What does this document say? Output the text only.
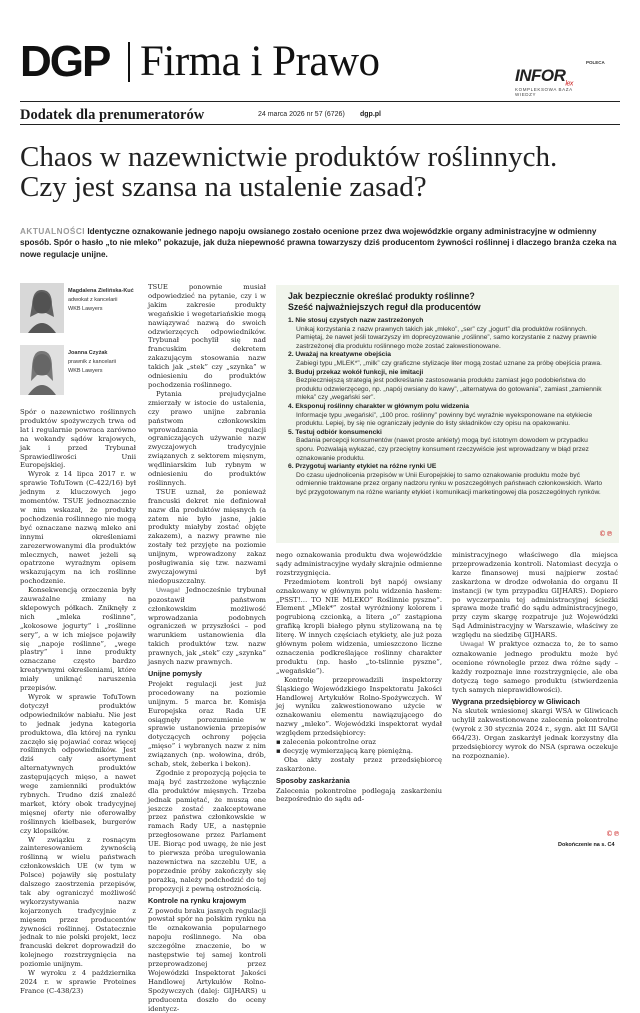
DGP Firma i Prawo	POLECA
$INFOR_{lex}$
KOMPLEKSOWA BAZA WIEDZY
Dodatek dla prenumeratorów	24 marca 2026 nr 57 (6726) dgp.pl
Chaos w nazewnictwie produktów roślinnych.
Czy jest szansa na ustalenie zasad?
AKTUALNOŚCI Identyczne oznakowanie jednego napoju owsianego zostało ocenione przez dwa wojewódzkie organy administracyjne w odmienny sposób. Spór o hasło „to nie mleko” pokazuje, jak duża niepewność prawna towarzyszy dziś producentom żywności roślinnej i dlaczego branża czeka na nowe regulacje unijne.
Magdalena Zielińska-Kuć
adwokat z kancelarii
WKB Lawyers
Joanna Czyżak
prawnik z kancelarii
WKB Lawyers

Spór o nazewnictwo roślinnych produktów spożywczych trwa od lat i regularnie powraca zarówno na wokandy sądów krajowych, jak i przed Trybunał Sprawiedliwości Unii Europejskiej.

Wyrok z 14 lipca 2017 r. w sprawie TofuTown (C-422/16) był jednym z kluczowych jego momentów. TSUE jednoznacznie w nim wskazał, że produkty pochodzenia roślinnego nie mogą być oznaczane nazwą mleko ani innymi określeniami zarezerwowanymi dla produktów mlecznych, nawet jeżeli są opatrzone wyraźnym opisem wskazującym na ich roślinne pochodzenie.

Konsekwencją orzeczenia były zauważalne zmiany na sklepowych półkach. Zniknęły z nich „mleka roślinne”, „kokosowe jogurty” i „roślinne sery”, a w ich miejsce pojawiły się „napoje roślinne”, „wege plastry” i inne produkty oznaczane często bardzo kreatywnymi określeniami, które miały uniknąć naruszenia przepisów.

Wyrok w sprawie TofuTown dotyczył produktów odpowiedników nabiału. Nie jest to jednak jedyna kategoria produktowa, dla której na rynku zaczęło się pojawiać coraz więcej roślinnych odpowiedników. Jest dziś cały asortyment alternatywnych produktów zastępujących mięso, a nawet wege zamienniki produktów rybnych. Trudno dziś znaleźć market, który obok tradycyjnej mięsnej oferty nie oferowałby roślinnych kiełbasek, burgerów czy klopsików.

W związku z rosnącym zainteresowaniem żywnością roślinną w wielu państwach członkowskich UE (w tym w Polsce) pojawiły się postulaty dalszego zaostrzenia przepisów, tak aby ograniczyć możliwość wykorzystywania nazw kojarzonych tradycyjnie z mięsem przez producentów żywności roślinnej. Ostatecznie jednak to nie polski projekt, lecz francuski dekret doprowadził do kolejnego rozstrzygnięcia na poziomie unijnym.

W wyroku z 4 października 2024 r. w sprawie Proteines France (C-438/23)

TSUE ponownie musiał odpowiedzieć na pytanie, czy i w jakim zakresie produkty wegańskie i wegetariańskie mogą nawiązywać nazwą do swoich odzwierzęcych odpowiedników. Trybunał pochylił się nad francuskim dekretem zakazującym stosowania nazw takich jak „stek” czy „szynka” w odniesieniu do produktów pochodzenia roślinnego.

Pytania prejudycjalne zmierzały w istocie do ustalenia, czy prawo unijne zabrania państwom członkowskim wprowadzania regulacji ograniczających używanie nazw zwyczajowych tradycyjnie związanych z sektorem mięsnym, wędliniarskim lub rybnym w odniesieniu do produktów roślinnych.

TSUE uznał, że ponieważ francuski dekret nie definiował nazw dla produktów mięsnych (a zatem nie było jasne, jakie produkty miałyby zostać objęte zakazem), a nazwy prawne nie zostały też przyjęte na poziomie unijnym, wprowadzony zakaz posługiwania się tzw. nazwami zwyczajowymi był niedopuszczalny.

Uwaga! Jednocześnie trybunał pozostawił państwom członkowskim możliwość wprowadzania podobnych ograniczeń w przyszłości – pod warunkiem ustanowienia dla takich produktów tzw. nazw prawnych, jak „stek” czy „szynka” jasnych nazw prawnych.

Unijne pomysły

Projekt regulacji jest już procedowany na poziomie unijnym. 5 marca br. Komisja Europejska oraz Rada UE osiągnęły porozumienie w sprawie ustanowienia przepisów dotyczących ochrony pojęcia „mięso” i wybranych nazw z nim związanych (np. wołowina, drób, schab, stek, żeberka i bekon).

Zgodnie z propozycją pojęcia te mają być zastrzeżone wyłącznie dla produktów mięsnych. Trzeba jednak pamiętać, że muszą one jeszcze zostać zaakceptowane przez państwa członkowskie w ramach Rady UE, a następnie przegłosowane przez Parlament UE. Biorąc pod uwagę, że nie jest to pierwsza próba uregulowania nazewnictwa na szczeblu UE, a poprzednie próby zakończyły się porażką, należy podchodzić do tej propozycji z pewną ostrożnością.

Kontrole na rynku krajowym

Z powodu braku jasnych regulacji powstał spór na polskim rynku na tle oznakowania popularnego napoju roślinnego. Na oba szczególne znaczenie, bo w następstwie tej samej kontroli przeprowadzonej przez Wojewódzki Inspektorat Jakości Handlowej Artykułów Rolno-Spożywczych (dalej: GIJHARS) u producenta doszło do oceny identycz-

Jak bezpiecznie określać produkty roślinne?
Sześć najważniejszych reguł dla producentów
1. Nie stosuj czystych nazw zastrzeżonych
Unikaj korzystania z nazw prawnych takich jak „mleko”, „ser” czy „jogurt” dla produktów roślinnych. Pamiętaj, że nawet jeśli towarzyszy im doprecyzowanie „roślinne”, samo korzystanie z nazwy prawnie zastrzeżonej dla produktu roślinnego może zostać zakwestionowane.
2. Uważaj na kreatywne obejścia
Zabiegi typu „MLEK*”, „milk” czy graficzne stylizacje liter mogą zostać uznane za próbę obejścia prawa.
3. Buduj przekaz wokół funkcji, nie imitacji
Bezpieczniejszą strategią jest podkreślanie zastosowania produktu zamiast jego podobieństwa do produktu odzwierzęcego, np. „napój owsiany do kawy”, „alternatywa do gotowania”, zamiast „zamiennik mleka” czy „wegański ser”.
4. Eksponuj roślinny charakter w głównym polu widzenia
Informacje typu „wegański”, „100 proc. roślinny” powinny być wyraźnie wyeksponowane na etykiecie produktu. Lepiej, by się nie ograniczały jedynie do listy składników czy opisu na opakowaniu.
5. Testuj odbiór konsumencki
Badania percepcji konsumentów (nawet proste ankiety) mogą być istotnym dowodem w przypadku sporu. Pozwalają wykazać, czy przeciętny konsument rzeczywiście jest wprowadzany w błąd przez oznakowanie produktu.
6. Przygotuj warianty etykiet na różne rynki UE
Do czasu ujednolicenia przepisów w Unii Europejskiej to samo oznakowanie produktu może być odmiennie traktowane przez organy nadzoru rynku w poszczególnych państwach członkowskich. Warto być przygotowanym na różne warianty etykiet i komunikacji marketingowej dla poszczególnych rynków.
©℗

nego oznakowania produktu dwa wojewódzkie sądy administracyjne wydały skrajnie odmienne rozstrzygnięcia.

Przedmiotem kontroli był napój owsiany oznakowany w głównym polu widzenia hasłem: „PSST!… TO NIE MLEKO” Roślinnie pyszne”. Element „Mlek*” został wyróżniony kolorem i pogrubioną czcionką, a litera „o” zastąpiona grafiką kropli białego płynu stylizowaną na tę literę. W innych częściach etykiety, ale już poza głównym polem widzenia, umieszczono liczne oznaczenia podkreślające roślinny charakter produktu (np. hasło „to-tslinnie pyszne”, „wegańskie”).

Kontrolę przeprowadzili inspektorzy Śląskiego Wojewódzkiego Inspektoratu Jakości Handlowej Artykułów Rolno-Spożywczych. W jej wyniku zakwestionowano użycie w oznakowaniu elementu nawiązującego do nazwy „mleko”. Wojewódzki inspektorat wydał względem przedsiębiorcy:

▪ zalecenia pokontrolne oraz

▪ decyzję wymierzającą karę pieniężną.

Oba akty zostały przez przedsiębiorcę zaskarżone.

Sposoby zaskarżania

Zalecenia pokontrolne podlegają zaskarżeniu bezpośrednio do sądu ad-

ministracyjnego właściwego dla miejsca przeprowadzenia kontroli. Natomiast decyzja o karze finansowej musi najpierw zostać zaskarżona w drodze odwołania do organu II instancji (w tym przypadku GIJHARS). Dopiero po wyczerpaniu tej administracyjnej ścieżki sprawa może trafić do sądu administracyjnego, przy czym skargę rozpatruje już Wojewódzki Sąd Administracyjny w Warszawie, właściwy ze względu na siedzibę GIJHARS.

Uwaga! W praktyce oznacza to, że to samo oznakowanie jednego produktu może być ocenione równolegle przez dwa różne sądy – każdy rozpoznaje inne rozstrzygnięcie, ale oba dotyczą tego samego produktu (stwierdzenia tych samych nieprawidłowości).

Wygrana przedsiębiorcy w Gliwicach

Na skutek wniesionej skargi WSA w Gliwicach uchylił zakwestionowane zalecenia pokontrolne (wyrok z 30 stycznia 2024 r., sygn. akt III SA/Gl 664/23). Organ zaskarżył jednak korzystny dla przedsiębiorcy wyrok do NSA (sprawa oczekuje na rozpoznanie).

©℗
Dokończenie na s. C4
